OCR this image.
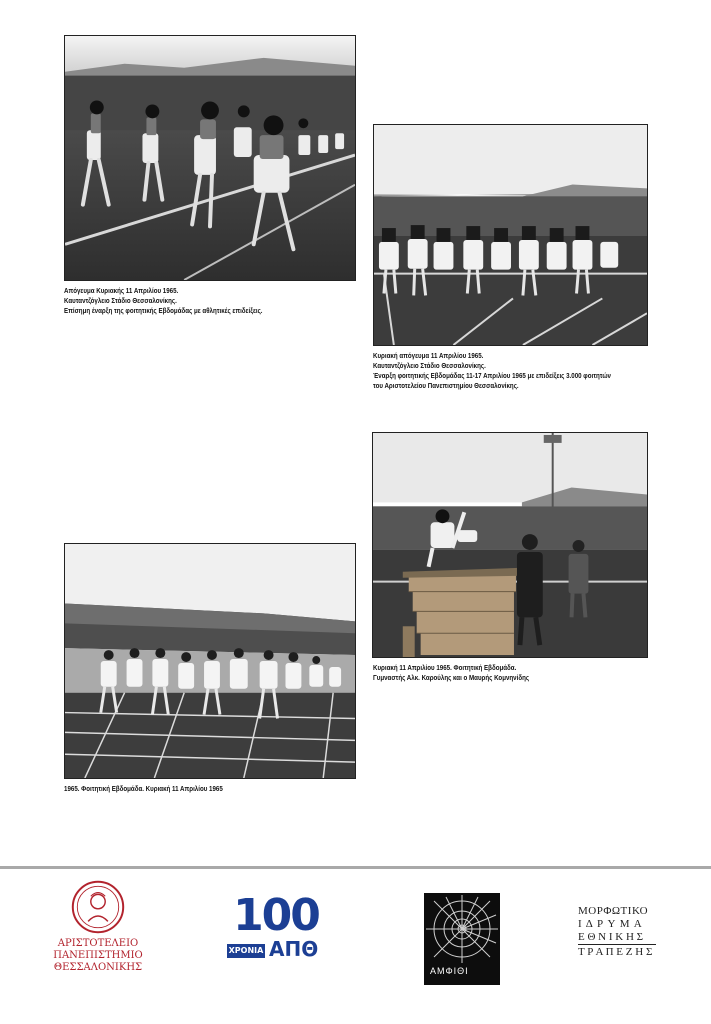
Απόγευμα Κυριακής 11 Απριλίου 1965.
Καυταντζόγλειο Στάδιο Θεσσαλονίκης.
Επίσημη έναρξη της φοιτητικής Εβδομάδας με αθλητικές επιδείξεις.
Κυριακή απόγευμα 11 Απριλίου 1965.
Καυταντζόγλειο Στάδιο Θεσσαλονίκης.
Έναρξη φοιτητικής Εβδομάδας 11-17 Απριλίου 1965 με επιδείξεις 3.000 φοιτητών
του Αριστοτελείου Πανεπιστημίου Θεσσαλονίκης.
Κυριακή 11 Απριλίου 1965. Φοιτητική Εβδομάδα.
Γυμναστής Αλκ. Καρούλης και ο Μαυρής Κομνηνίδης
1965. Φοιτητική Εβδομάδα. Κυριακή 11 Απριλίου 1965
ΑΡΙΣΤΟΤΕΛΕΙΟ
ΠΑΝΕΠΙΣΤΗΜΙΟ
ΘΕΣΣΑΛΟΝΙΚΗΣ
100
ΧΡΟΝΙΑ ΑΠΘ
ΑΜΦΙΘΙ
ΜΟΡΦΩΤΙΚΟ
Ι Δ Ρ Υ Μ Α
Ε Θ Ν Ι Κ Η Σ
Τ Ρ Α Π Ε Ζ Η Σ
